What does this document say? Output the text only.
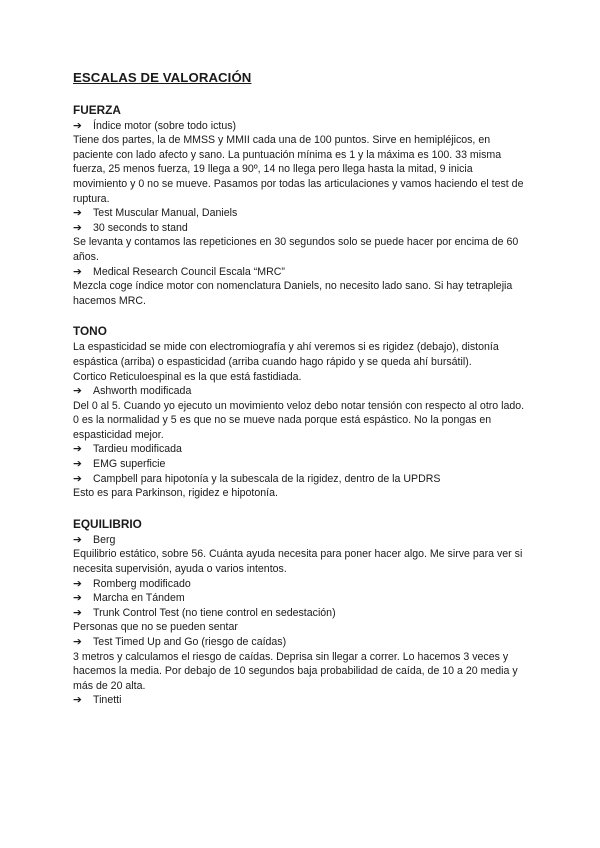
ESCALAS DE VALORACIÓN
FUERZA
➔	Índice motor (sobre todo ictus)

Tiene dos partes, la de MMSS y MMII cada una de 100 puntos. Sirve en hemipléjicos, en paciente con lado afecto y sano. La puntuación mínima es 1 y la máxima es 100. 33 misma fuerza, 25 menos fuerza, 19 llega a 90º, 14 no llega pero llega hasta la mitad, 9 inicia movimiento y 0 no se mueve. Pasamos por todas las articulaciones y vamos haciendo el test de ruptura.

➔	Test Muscular Manual, Daniels
➔	30 seconds to stand

Se levanta y contamos las repeticiones en 30 segundos solo se puede hacer por encima de 60 años.

➔	Medical Research Council Escala “MRC”

Mezcla coge índice motor con nomenclatura Daniels, no necesito lado sano. Si hay tetraplejia hacemos MRC.

TONO

La espasticidad se mide con electromiografía y ahí veremos si es rigidez (debajo), distonía espástica (arriba) o espasticidad (arriba cuando hago rápido y se queda ahí bursátil).

Cortico Reticuloespinal es la que está fastidiada.

➔	Ashworth modificada

Del 0 al 5. Cuando yo ejecuto un movimiento veloz debo notar tensión con respecto al otro lado. 0 es la normalidad y 5 es que no se mueve nada porque está espástico. No la pongas en espasticidad mejor.

➔	Tardieu modificada
➔	EMG superficie
➔	Campbell para hipotonía y la subescala de la rigidez, dentro de la UPDRS

Esto es para Parkinson, rigidez e hipotonía.

EQUILIBRIO
➔	Berg

Equilibrio estático, sobre 56. Cuánta ayuda necesita para poner hacer algo. Me sirve para ver si necesita supervisión, ayuda o varios intentos.

➔	Romberg modificado
➔	Marcha en Tándem
➔	Trunk Control Test (no tiene control en sedestación)

Personas que no se pueden sentar

➔	Test Timed Up and Go (riesgo de caídas)

3 metros y calculamos el riesgo de caídas. Deprisa sin llegar a correr. Lo hacemos 3 veces y hacemos la media. Por debajo de 10 segundos baja probabilidad de caída, de 10 a 20 media y más de 20 alta.

➔	Tinetti
